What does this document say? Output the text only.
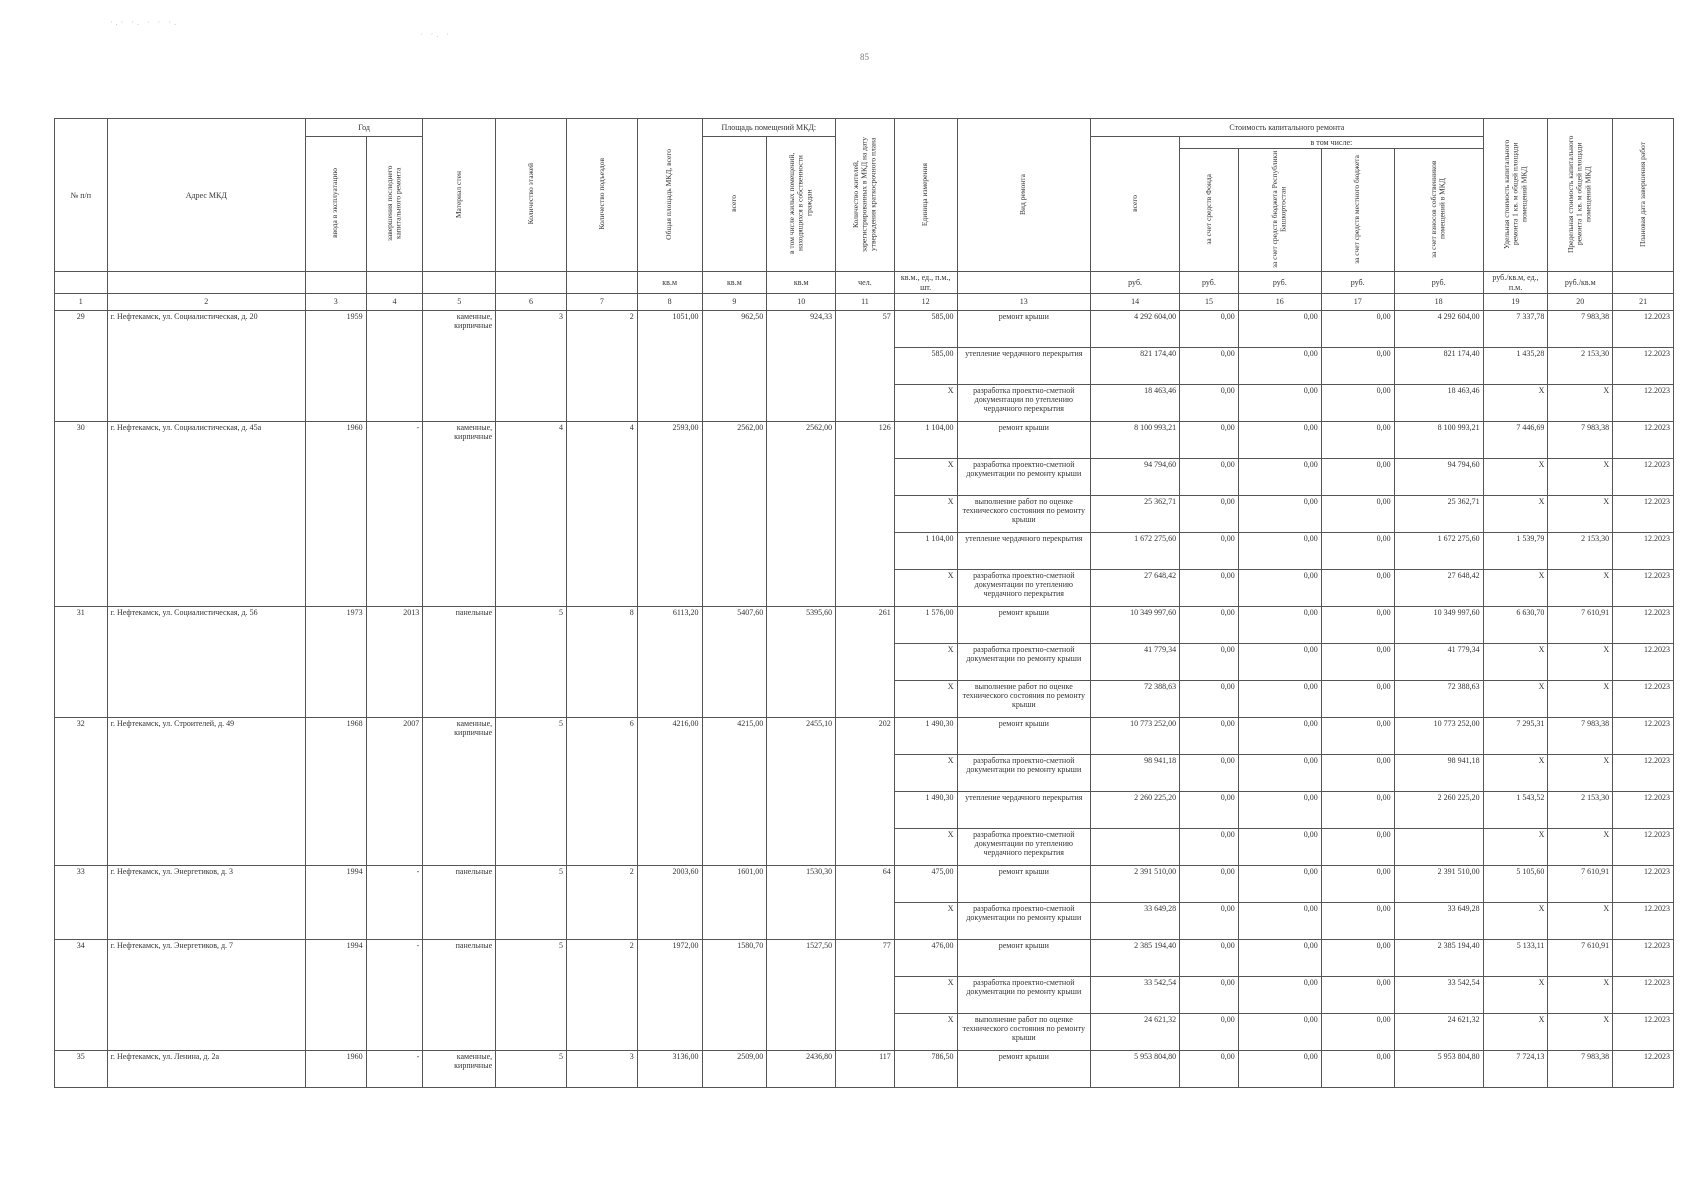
85
·.· ·. · · ·.
· ·. ·
№ п/п	Адрес МКД	Год		Материал стен	Количество этажей	Количество подъездов	Общая площадь МКД, всего	Площадь помещений МКД:		Количество жителей, зарегистрированных в МКД на дату утверждения краткосрочного плана	Единица измерения	Вид ремонта	Стоимость капитального ремонта					Удельная стоимость капитального ремонта 1 кв. м общей площади помещений МКД	Предельная стоимость капитального ремонта 1 кв. м общей площади помещений МКД	Плановая дата завершения работ
		ввода в эксплуатацию	завершения последнего капитального ремонта					всего	в том числе жилых помещений, находящихся в собственности граждан				всего	в том числе:						
														за счет средств Фонда	за счет средств бюджета Республики Башкортостан	за счет средств местного бюджета	за счет взносов собственников помещений в МКД			
							кв.м	кв.м	кв.м	чел.	кв.м., ед., п.м., шт.		руб.	руб.	руб.	руб.	руб.	руб./кв.м, ед., п.м.	руб./кв.м	
1	2	3	4	5	6	7	8	9	10	11	12	13	14	15	16	17	18	19	20	21
29	г. Нефтекамск, ул. Социалистическая, д. 20	1959		каменные, кирпичные	3	2	1051,00	962,50	924,33	57	585,00	ремонт крыши	4 292 604,00	0,00	0,00	0,00	4 292 604,00	7 337,78	7 983,38	12.2023
											585,00	утепление чердачного перекрытия	821 174,40	0,00	0,00	0,00	821 174,40	1 435,28	2 153,30	12.2023
											X	разработка проектно-сметной документации по утеплению чердачного перекрытия	18 463,46	0,00	0,00	0,00	18 463,46	X	X	12.2023
30	г. Нефтекамск, ул. Социалистическая, д. 45а	1960	-	каменные, кирпичные	4	4	2593,00	2562,00	2562,00	126	1 104,00	ремонт крыши	8 100 993,21	0,00	0,00	0,00	8 100 993,21	7 446,69	7 983,38	12.2023
											X	разработка проектно-сметной документации по ремонту крыши	94 794,60	0,00	0,00	0,00	94 794,60	X	X	12.2023
											X	выполнение работ по оценке технического состояния по ремонту крыши	25 362,71	0,00	0,00	0,00	25 362,71	X	X	12.2023
											1 104,00	утепление чердачного перекрытия	1 672 275,60	0,00	0,00	0,00	1 672 275,60	1 539,79	2 153,30	12.2023
											X	разработка проектно-сметной документации по утеплению чердачного перекрытия	27 648,42	0,00	0,00	0,00	27 648,42	X	X	12.2023
31	г. Нефтекамск, ул. Социалистическая, д. 56	1973	2013	панельные	5	8	6113,20	5407,60	5395,60	261	1 576,00	ремонт крыши	10 349 997,60	0,00	0,00	0,00	10 349 997,60	6 630,70	7 610,91	12.2023
											X	разработка проектно-сметной документации по ремонту крыши	41 779,34	0,00	0,00	0,00	41 779,34	X	X	12.2023
											X	выполнение работ по оценке технического состояния по ремонту крыши	72 388,63	0,00	0,00	0,00	72 388,63	X	X	12.2023
32	г. Нефтекамск, ул. Строителей, д. 49	1968	2007	каменные, кирпичные	5	6	4216,00	4215,00	2455,10	202	1 490,30	ремонт крыши	10 773 252,00	0,00	0,00	0,00	10 773 252,00	7 295,31	7 983,38	12.2023
											X	разработка проектно-сметной документации по ремонту крыши	98 941,18	0,00	0,00	0,00	98 941,18	X	X	12.2023
											1 490,30	утепление чердачного перекрытия	2 260 225,20	0,00	0,00	0,00	2 260 225,20	1 543,52	2 153,30	12.2023
											X	разработка проектно-сметной документации по утеплению чердачного перекрытия		0,00	0,00	0,00		X	X	12.2023
33	г. Нефтекамск, ул. Энергетиков, д. 3	1994	-	панельные	5	2	2003,60	1601,00	1530,30	64	475,00	ремонт крыши	2 391 510,00	0,00	0,00	0,00	2 391 510,00	5 105,60	7 610,91	12.2023
											X	разработка проектно-сметной документации по ремонту крыши	33 649,28	0,00	0,00	0,00	33 649,28	X	X	12.2023
34	г. Нефтекамск, ул. Энергетиков, д. 7	1994	-	панельные	5	2	1972,00	1580,70	1527,50	77	476,00	ремонт крыши	2 385 194,40	0,00	0,00	0,00	2 385 194,40	5 133,11	7 610,91	12.2023
											X	разработка проектно-сметной документации по ремонту крыши	33 542,54	0,00	0,00	0,00	33 542,54	X	X	12.2023
											X	выполнение работ по оценке технического состояния по ремонту крыши	24 621,32	0,00	0,00	0,00	24 621,32	X	X	12.2023
35	г. Нефтекамск, ул. Ленина, д. 2а	1960	-	каменные, кирпичные	5	3	3136,00	2509,00	2436,80	117	786,50	ремонт крыши	5 953 804,80	0,00	0,00	0,00	5 953 804,80	7 724,13	7 983,38	12.2023
